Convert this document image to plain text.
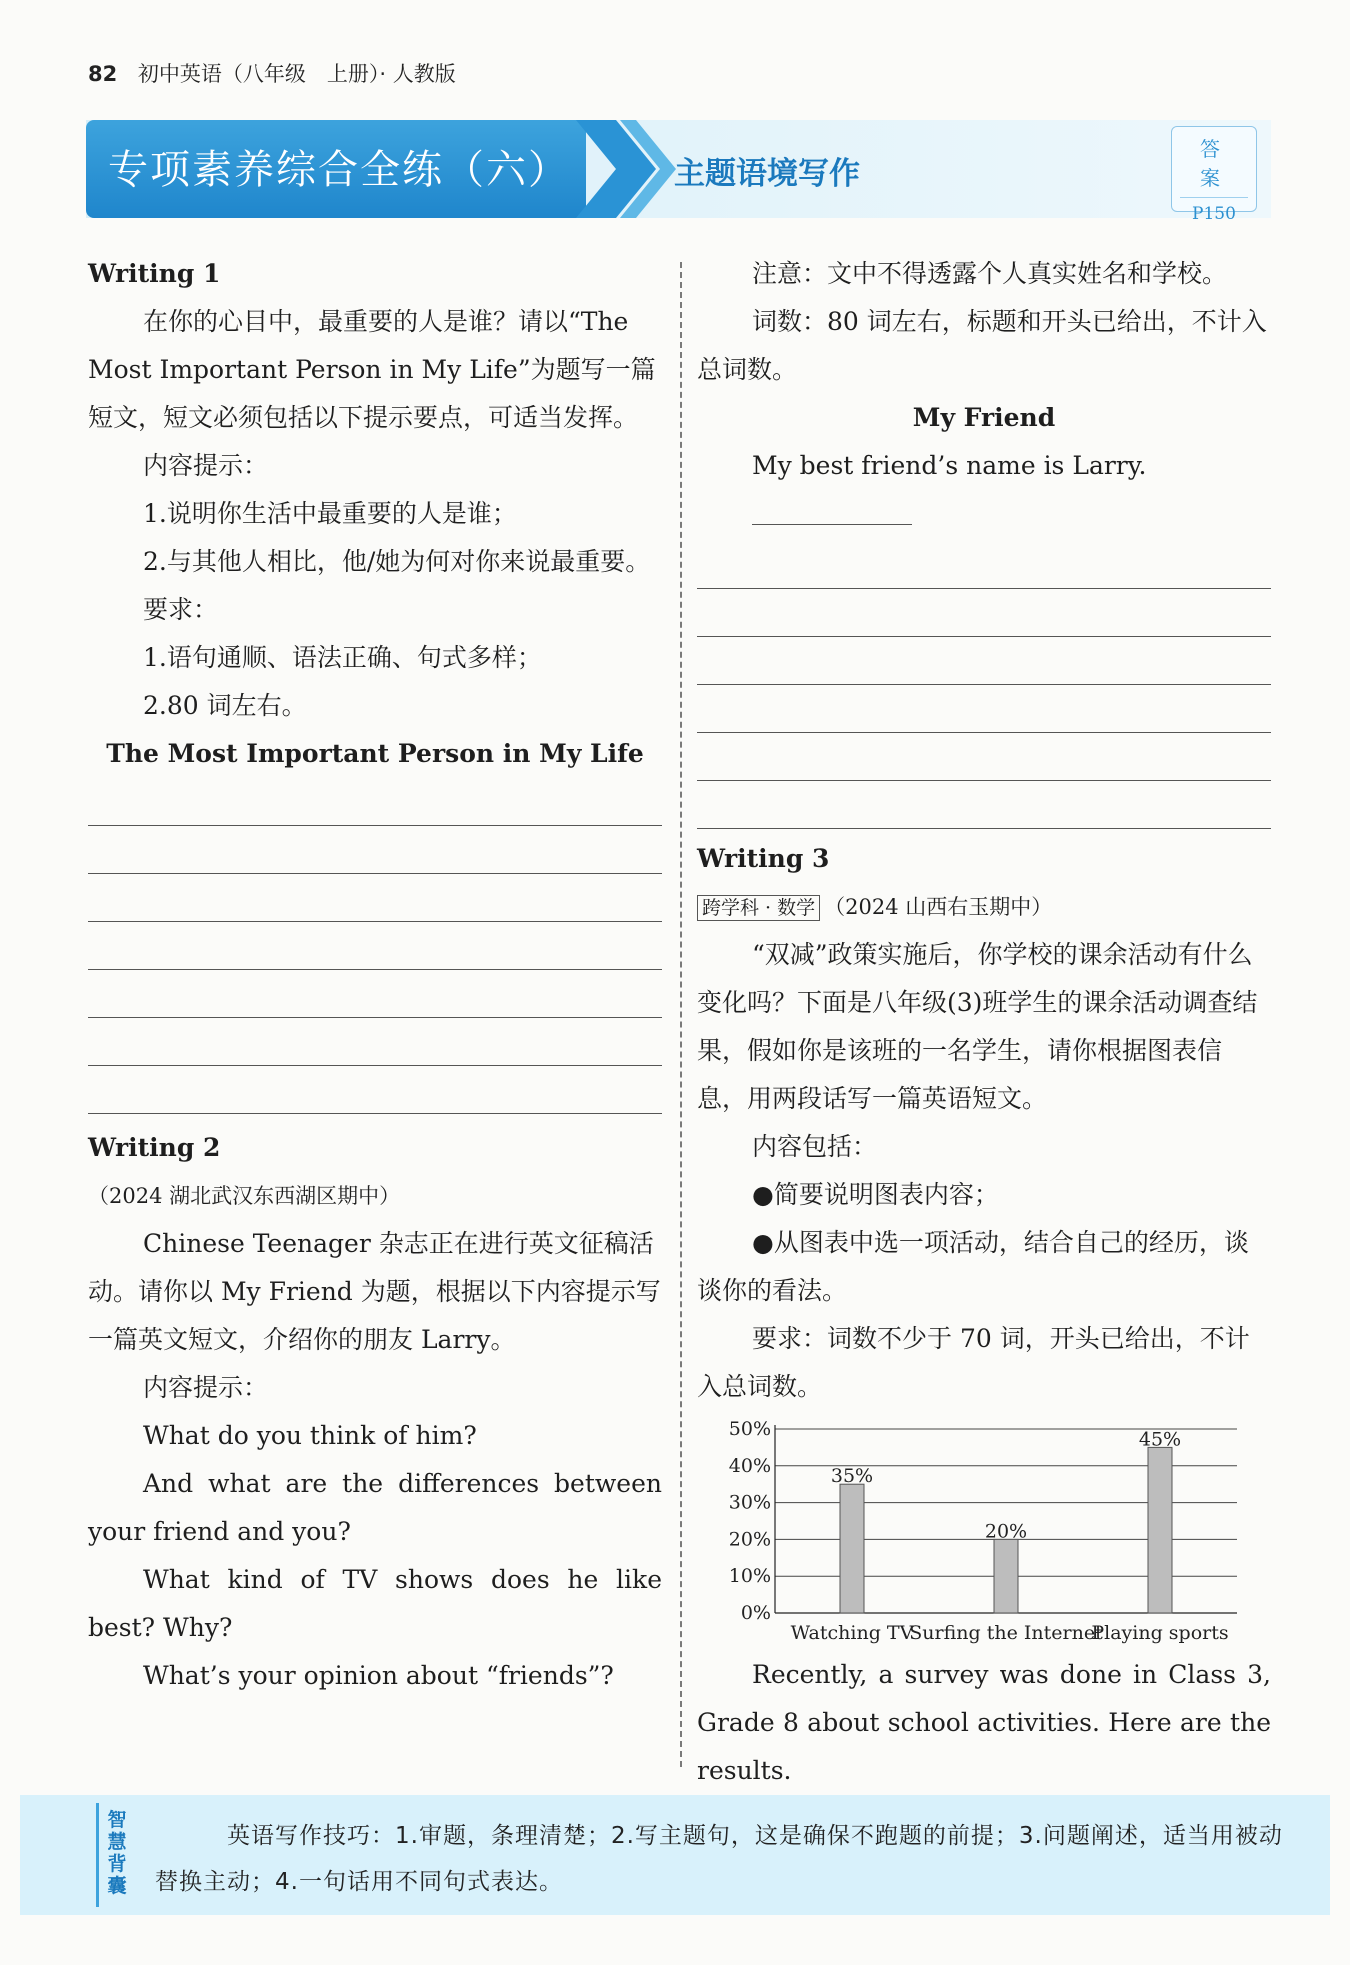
82 初中英语（八年级　上册）· 人教版
专项素养综合全练（六）	主题语境写作
答 案
P150

Writing 1

在你的心目中，最重要的人是谁？请以“The Most Important Person in My Life”为题写一篇短文，短文必须包括以下提示要点，可适当发挥。

内容提示：

1.说明你生活中最重要的人是谁；

2.与其他人相比，他/她为何对你来说最重要。

要求：

1.语句通顺、语法正确、句式多样；

2.80 词左右。

The Most Important Person in My Life

Writing 2

（2024 湖北武汉东西湖区期中）

Chinese Teenager 杂志正在进行英文征稿活动。请你以 My Friend 为题，根据以下内容提示写一篇英文短文，介绍你的朋友 Larry。

内容提示：

What do you think of him?

And what are the differences between your friend and you?

What kind of TV shows does he like best? Why?

What’s your opinion about “friends”?

注意：文中不得透露个人真实姓名和学校。

词数：80 词左右，标题和开头已给出，不计入总词数。

My Friend

My best friend’s name is Larry.

Writing 3

跨学科 · 数学 （2024 山西右玉期中）

“双减”政策实施后，你学校的课余活动有什么变化吗？下面是八年级(3)班学生的课余活动调查结果，假如你是该班的一名学生，请你根据图表信息，用两段话写一篇英语短文。

内容包括：

●简要说明图表内容；

●从图表中选一项活动，结合自己的经历，谈谈你的看法。

要求：词数不少于 70 词，开头已给出，不计入总词数。

0%
10%
20%
30%
40%
50%
35%
Watching TV
20%
Surfing the Internet
45%
Playing sports

Recently, a survey was done in Class 3, Grade 8 about school activities. Here are the results.

智慧背囊
英语写作技巧：1.审题，条理清楚；2.写主题句，这是确保不跑题的前提；3.问题阐述，适当用被动替换主动；4.一句话用不同句式表达。
